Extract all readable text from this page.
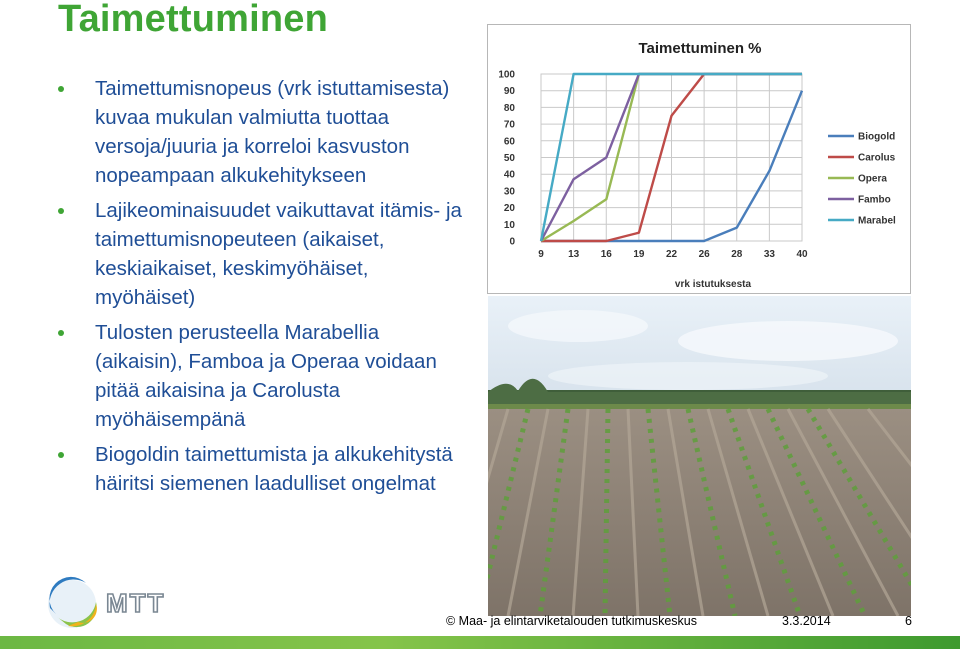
Taimettuminen
Taimettumisnopeus (vrk istuttamisesta) kuvaa mukulan valmiutta tuottaa versoja/juuria ja korreloi kasvuston nopeampaan alkukehitykseen
Lajikeominaisuudet vaikuttavat itämis- ja taimettumisnopeuteen (aikaiset, keskiaikaiset, keskimyöhäiset, myöhäiset)
Tulosten perusteella Marabellia (aikaisin), Famboa ja Operaa voidaan pitää aikaisina ja Carolusta myöhäisempänä
Biogoldin taimettumista ja alkukehitystä häiritsi siemenen laadulliset ongelmat
Taimettuminen %
vrk istutuksesta
0
10
20
30
40
50
60
70
80
90
100
9 13 16 19 22 26 28 33 40
Biogold
Carolus
Opera
Fambo
Marabel
MTT
© Maa- ja elintarviketalouden tutkimuskeskus	3.3.2014	6
